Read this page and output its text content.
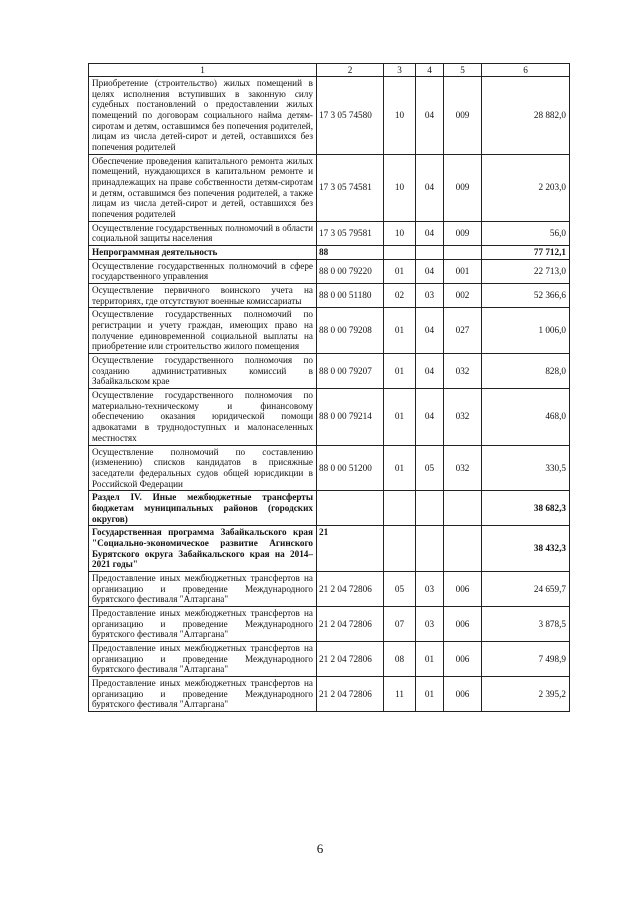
1	2	3	4	5	6
Приобретение (строительство) жилых помещений в целях исполнения вступивших в законную силу судебных постановлений о предоставлении жилых помещений по договорам социального найма детям-сиротам и детям, оставшимся без попечения родителей, лицам из числа детей-сирот и детей, оставшихся без попечения родителей	17 3 05 74580	10	04	009	28 882,0
Обеспечение проведения капитального ремонта жилых помещений, нуждающихся в капитальном ремонте и принадлежащих на праве собственности детям-сиротам и детям, оставшимся без попечения родителей, а также лицам из числа детей-сирот и детей, оставшихся без попечения родителей	17 3 05 74581	10	04	009	2 203,0
Осуществление государственных полномочий в области социальной защиты населения	17 3 05 79581	10	04	009	56,0
Непрограммная деятельность	88				77 712,1
Осуществление государственных полномочий в сфере государственного управления	88 0 00 79220	01	04	001	22 713,0
Осуществление первичного воинского учета на территориях, где отсутствуют военные комиссариаты	88 0 00 51180	02	03	002	52 366,6
Осуществление государственных полномочий по регистрации и учету граждан, имеющих право на получение единовременной социальной выплаты на приобретение или строительство жилого помещения	88 0 00 79208	01	04	027	1 006,0
Осуществление государственного полномочия по созданию административных комиссий в Забайкальском крае	88 0 00 79207	01	04	032	828,0
Осуществление государственного полномочия по материально-техническому и финансовому обеспечению оказания юридической помощи адвокатами в труднодоступных и малонаселенных местностях	88 0 00 79214	01	04	032	468,0
Осуществление полномочий по составлению (изменению) списков кандидатов в присяжные заседатели федеральных судов общей юрисдикции в Российской Федерации	88 0 00 51200	01	05	032	330,5
Раздел IV. Иные межбюджетные трансферты бюджетам муниципальных районов (городских округов)					38 682,3
Государственная программа Забайкальского края "Социально-экономическое развитие Агинского Бурятского округа Забайкальского края на 2014–2021 годы"	21				38 432,3
Предоставление иных межбюджетных трансфертов на организацию и проведение Международного бурятского фестиваля "Алтаргана"	21 2 04 72806	05	03	006	24 659,7
Предоставление иных межбюджетных трансфертов на организацию и проведение Международного бурятского фестиваля "Алтаргана"	21 2 04 72806	07	03	006	3 878,5
Предоставление иных межбюджетных трансфертов на организацию и проведение Международного бурятского фестиваля "Алтаргана"	21 2 04 72806	08	01	006	7 498,9
Предоставление иных межбюджетных трансфертов на организацию и проведение Международного бурятского фестиваля "Алтаргана"	21 2 04 72806	11	01	006	2 395,2
6
